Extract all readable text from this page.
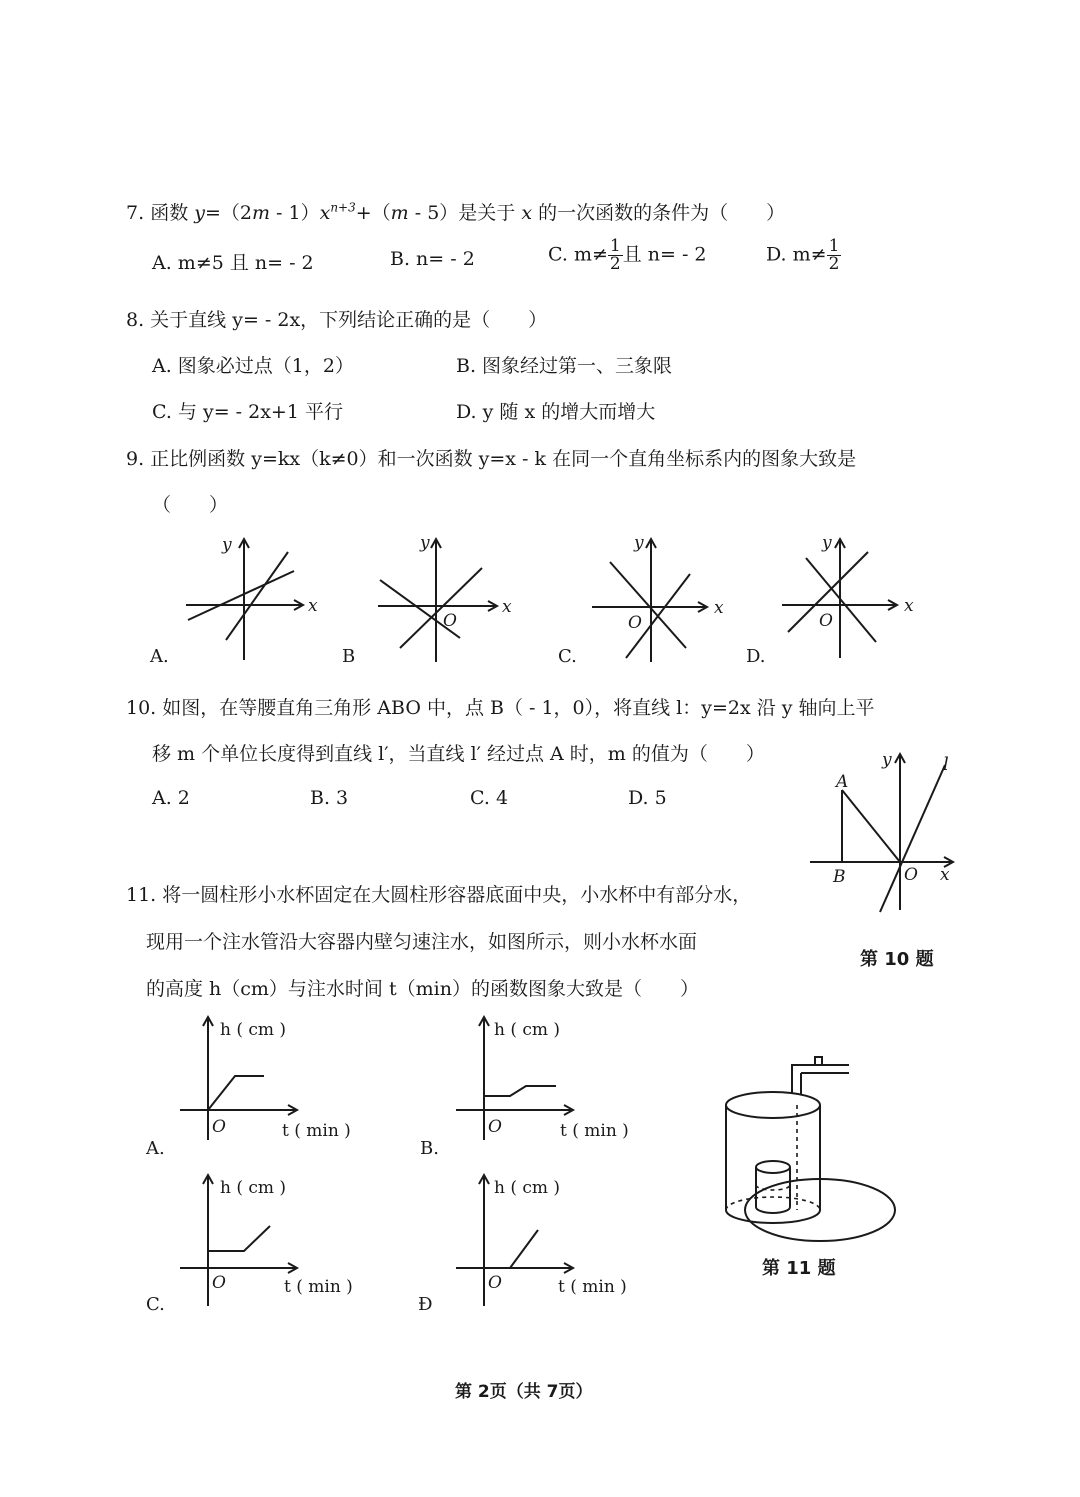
7. 函数 $y=(2m - 1)x^{n+3}+(m - 5)$是关于 x 的一次函数的条件为（　　）
A. m≠5 且 n= - 2	B. n= - 2	C. $m\ne \frac{1}{2}$ 且 n= - 2	D. $m\ne \frac{1}{2}$
8. 关于直线 y= - 2x，下列结论正确的是（　　）
A. 图象必过点（1，2）	B. 图象经过第一、三象限
C. 与 y= - 2x+1 平行	D. y 随 x 的增大而增大
9. 正比例函数 y=kx（k≠0）和一次函数 y=x - k 在同一个直角坐标系内的图象大致是
（　　）
x
y
A.
x
y
O
B
x
y
O
C.
x
y
O
D.
10. 如图，在等腰直角三角形 ABO 中，点 B（ - 1，0），将直线 l：y=2x 沿 y 轴向上平
移 m 个单位长度得到直线 l′，当直线 l′ 经过点 A 时，m 的值为（　　）
A. 2	B. 3	C. 4	D. 5
A
B	O x
y	l
第 10 题
11. 将一圆柱形小水杯固定在大圆柱形容器底面中央，小水杯中有部分水，
现用一个注水管沿大容器内壁匀速注水，如图所示，则小水杯水面
的高度 h（cm）与注水时间 t（min）的函数图象大致是（　　）
h ( cm )
t ( min )
O
A.
h ( cm )
t ( min )
O
B.
h ( cm )
t ( min )
O
C.
h ( cm )
t ( min )
O
Đ
第 11 题
第 2页（共 7页）
